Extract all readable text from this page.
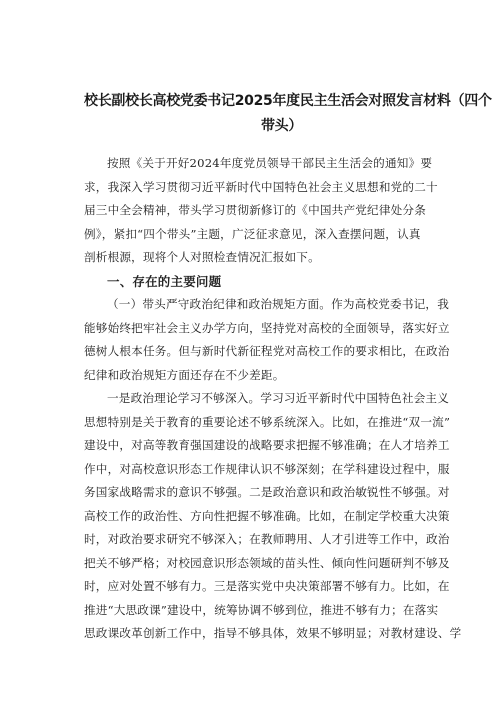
校长副校长高校党委书记2025年度民主生活会对照发言材料（四个
带头）
按照《关于开好2024年度党员领导干部民主生活会的通知》要
求，我深入学习贯彻习近平新时代中国特色社会主义思想和党的二十
届三中全会精神，带头学习贯彻新修订的《中国共产党纪律处分条
例》，紧扣“四个带头”主题，广泛征求意见，深入查摆问题，认真
剖析根源，现将个人对照检查情况汇报如下。
一、存在的主要问题
（一）带头严守政治纪律和政治规矩方面。作为高校党委书记，我
能够始终把牢社会主义办学方向，坚持党对高校的全面领导，落实好立
德树人根本任务。但与新时代新征程党对高校工作的要求相比，在政治
纪律和政治规矩方面还存在不少差距。
一是政治理论学习不够深入。学习习近平新时代中国特色社会主义
思想特别是关于教育的重要论述不够系统深入。比如，在推进“双一流”
建设中，对高等教育强国建设的战略要求把握不够准确；在人才培养工
作中，对高校意识形态工作规律认识不够深刻；在学科建设过程中，服
务国家战略需求的意识不够强。二是政治意识和政治敏锐性不够强。对
高校工作的政治性、方向性把握不够准确。比如，在制定学校重大决策
时，对政治要求研究不够深入；在教师聘用、人才引进等工作中，政治
把关不够严格；对校园意识形态领域的苗头性、倾向性问题研判不够及
时，应对处置不够有力。三是落实党中央决策部署不够有力。比如，在
推进“大思政课”建设中，统筹协调不够到位，推进不够有力；在落实
思政课改革创新工作中，指导不够具体，效果不够明显；对教材建设、学
